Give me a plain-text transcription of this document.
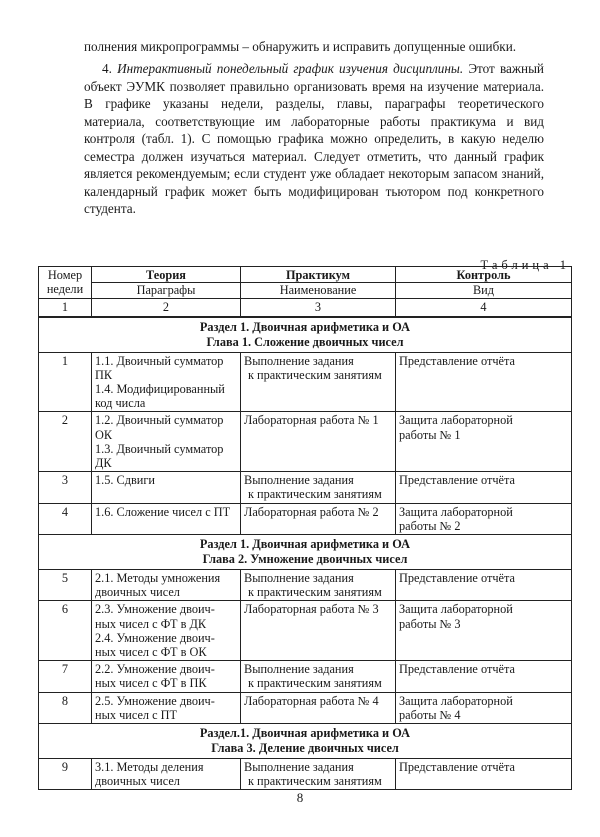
полнения микропрограммы – обнаружить и исправить допущенные ошибки.

4. Интерактивный понедельный график изучения дисциплины. Этот важный объект ЭУМК позволяет правильно организовать время на изучение материала. В графике указаны недели, разделы, главы, параграфы теоретического материала, соответствующие им лабораторные работы практикума и вид контроля (табл. 1). С помощью графика можно определить, в какую неделю семестра должен изучаться материал. Следует отметить, что данный график является рекомендуемым; если студент уже обладает некоторым запасом знаний, календарный график может быть модифицирован тьютором под конкретного студента.

Таблица 1
Номер
недели	Теория	Практикум	Контроль
	Параграфы	Наименование	Вид
1	2	3	4

Раздел 1. Двоичная арифметика и ОА
Глава 1. Сложение двоичных чисел			

1	1.1. Двоичный сумматор ПК
1.4. Модифицированный код числа	Выполнение задания
к практическим занятиям	Представление отчёта

2	1.2. Двоичный сумматор ОК
1.3. Двоичный сумматор ДК	Лабораторная работа № 1	Защита лабораторной
работы № 1

3	1.5. Сдвиги	Выполнение задания
к практическим занятиям	Представление отчёта

4	1.6. Сложение чисел с ПТ	Лабораторная работа № 2	Защита лабораторной
работы № 2

Раздел 1. Двоичная арифметика и ОА
Глава 2. Умножение двоичных чисел			

5	2.1. Методы умножения
двоичных чисел	Выполнение задания
к практическим занятиям	Представление отчёта

6	2.3. Умножение двоич-
ных чисел с ФТ в ДК
2.4. Умножение двоич-
ных чисел с ФТ в ОК	Лабораторная работа № 3	Защита лабораторной
работы № 3

7	2.2. Умножение двоич-
ных чисел с ФТ в ПК	Выполнение задания
к практическим занятиям	Представление отчёта

8	2.5. Умножение двоич-
ных чисел с ПТ	Лабораторная работа № 4	Защита лабораторной
работы № 4

Раздел.1. Двоичная арифметика и ОА
Глава 3. Деление двоичных чисел			

9	3.1. Методы деления
двоичных чисел	Выполнение задания
к практическим занятиям	Представление отчёта
8
